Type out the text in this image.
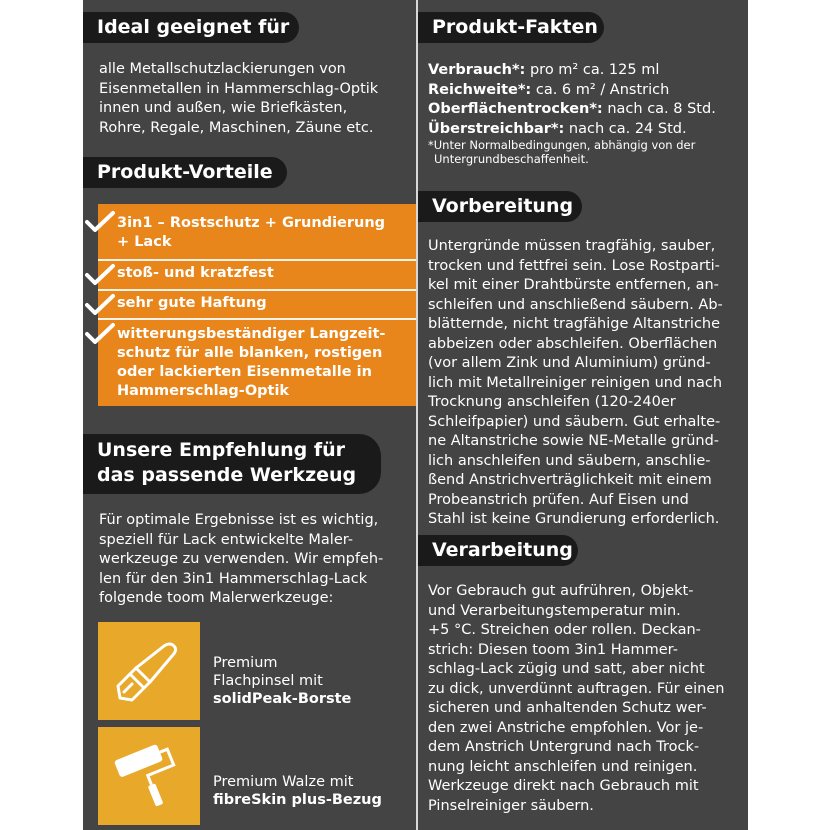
Ideal geeignet für
alle Metallschutzlackierungen von
Eisenmetallen in Hammerschlag-Optik
innen und außen, wie Briefkästen,
Rohre, Regale, Maschinen, Zäune etc.
Produkt-Vorteile
3in1 – Rostschutz + Grundierung
+ Lack
stoß- und kratzfest
sehr gute Haftung
witterungsbeständiger Langzeit-
schutz für alle blanken, rostigen
oder lackierten Eisenmetalle in
Hammerschlag-Optik
Unsere Empfehlung für
das passende Werkzeug
Für optimale Ergebnisse ist es wichtig,
speziell für Lack entwickelte Maler-
werkzeuge zu verwenden. Wir empfeh-
len für den 3in1 Hammerschlag-Lack
folgende toom Malerwerkzeuge:
Premium
Flachpinsel mit
solidPeak-Borste
Premium Walze mit
fibreSkin plus-Bezug
Produkt-Fakten
Verbrauch*: pro m² ca. 125 ml
Reichweite*: ca. 6 m² / Anstrich
Oberflächentrocken*: nach ca. 8 Std.
Überstreichbar*: nach ca. 24 Std.
*Unter Normalbedingungen, abhängig von der
Untergrundbeschaffenheit.
Vorbereitung
Untergründe müssen tragfähig, sauber,
trocken und fettfrei sein. Lose Rostparti-
kel mit einer Drahtbürste entfernen, an-
schleifen und anschließend säubern. Ab-
blätternde, nicht tragfähige Altanstriche
abbeizen oder abschleifen. Oberflächen
(vor allem Zink und Aluminium) gründ-
lich mit Metallreiniger reinigen und nach
Trocknung anschleifen (120-240er
Schleifpapier) und säubern. Gut erhalte-
ne Altanstriche sowie NE-Metalle gründ-
lich anschleifen und säubern, anschlie-
ßend Anstrichverträglichkeit mit einem
Probeanstrich prüfen. Auf Eisen und
Stahl ist keine Grundierung erforderlich.
Verarbeitung
Vor Gebrauch gut aufrühren, Objekt-
und Verarbeitungstemperatur min.
+5 °C. Streichen oder rollen. Deckan-
strich: Diesen toom 3in1 Hammer-
schlag-Lack zügig und satt, aber nicht
zu dick, unverdünnt auftragen. Für einen
sicheren und anhaltenden Schutz wer-
den zwei Anstriche empfohlen. Vor je-
dem Anstrich Untergrund nach Trock-
nung leicht anschleifen und reinigen.
Werkzeuge direkt nach Gebrauch mit
Pinselreiniger säubern.
